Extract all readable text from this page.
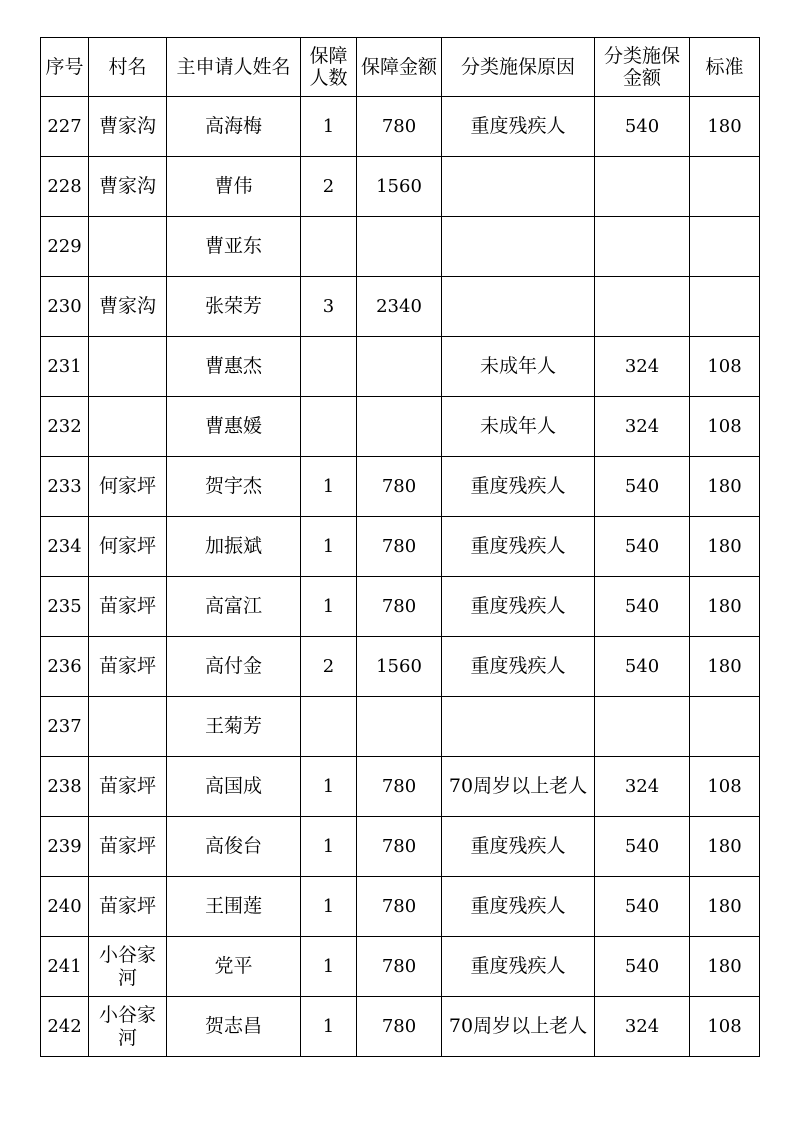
序号	村名	主申请人姓名	保障人数	保障金额	分类施保原因	分类施保金额	标准
227	曹家沟	高海梅	1	780	重度残疾人	540	180
228	曹家沟	曹伟	2	1560			
229		曹亚东					
230	曹家沟	张荣芳	3	2340			
231		曹惠杰			未成年人	324	108
232		曹惠媛			未成年人	324	108
233	何家坪	贺宇杰	1	780	重度残疾人	540	180
234	何家坪	加振斌	1	780	重度残疾人	540	180
235	苗家坪	高富江	1	780	重度残疾人	540	180
236	苗家坪	高付金	2	1560	重度残疾人	540	180
237		王菊芳					
238	苗家坪	高国成	1	780	70周岁以上老人	324	108
239	苗家坪	高俊台	1	780	重度残疾人	540	180
240	苗家坪	王围莲	1	780	重度残疾人	540	180
241	小谷家河	党平	1	780	重度残疾人	540	180
242	小谷家河	贺志昌	1	780	70周岁以上老人	324	108
